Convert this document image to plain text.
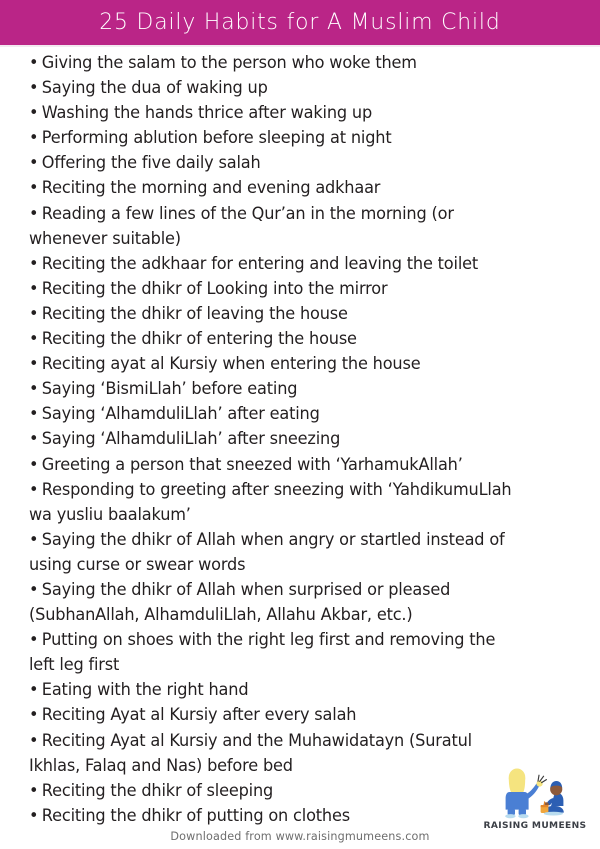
25 Daily Habits for A Muslim Child
• Giving the salam to the person who woke them
• Saying the dua of waking up
• Washing the hands thrice after waking up
• Performing ablution before sleeping at night
• Offering the five daily salah
• Reciting the morning and evening adkhaar
• Reading a few lines of the Qur’an in the morning (or
whenever suitable)
• Reciting the adkhaar for entering and leaving the toilet
• Reciting the dhikr of Looking into the mirror
• Reciting the dhikr of leaving the house
• Reciting the dhikr of entering the house
• Reciting ayat al Kursiy when entering the house
• Saying ‘BismiLlah’ before eating
• Saying ‘AlhamduliLlah’ after eating
• Saying ‘AlhamduliLlah’ after sneezing
• Greeting a person that sneezed with ‘YarhamukAllah’
• Responding to greeting after sneezing with ‘YahdikumuLlah
wa yusliu baalakum’
• Saying the dhikr of Allah when angry or startled instead of
using curse or swear words
• Saying the dhikr of Allah when surprised or pleased
(SubhanAllah, AlhamduliLlah, Allahu Akbar, etc.)
• Putting on shoes with the right leg first and removing the
left leg first
• Eating with the right hand
• Reciting Ayat al Kursiy after every salah
• Reciting Ayat al Kursiy and the Muhawidatayn (Suratul
Ikhlas, Falaq and Nas) before bed
• Reciting the dhikr of sleeping
• Reciting the dhikr of putting on clothes
RAISING MUMEENS
Downloaded from www.raisingmumeens.com
